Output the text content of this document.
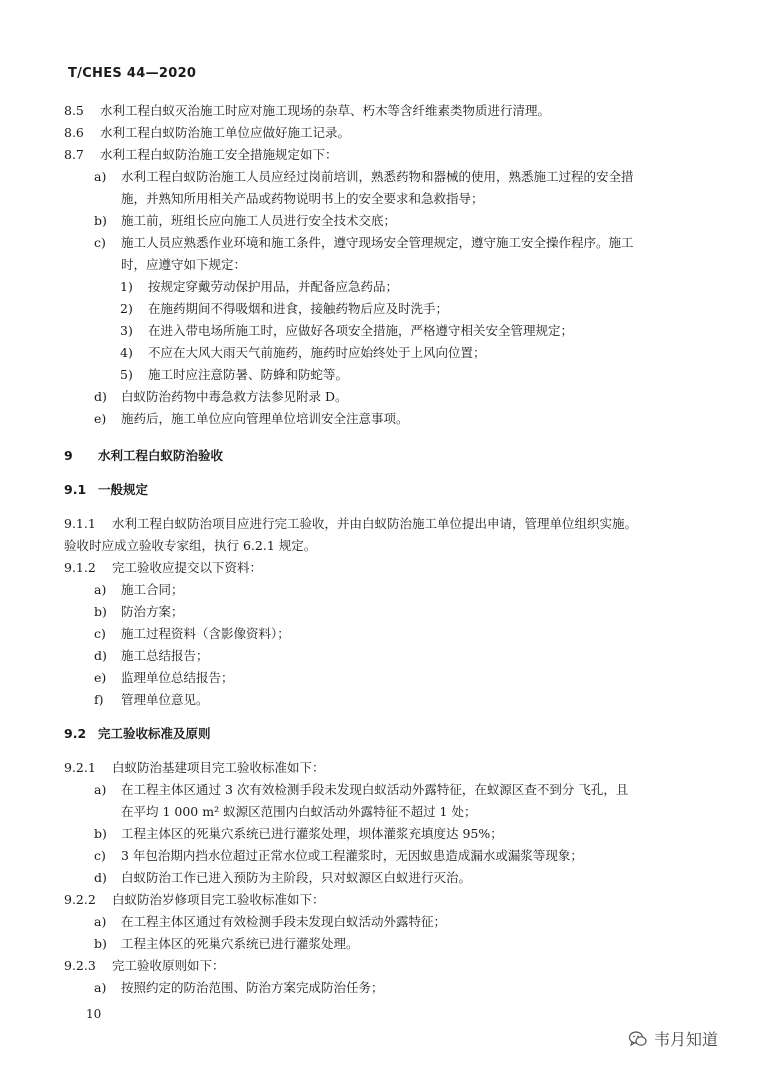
T/CHES 44—2020
8.5 水利工程白蚁灭治施工时应对施工现场的杂草、朽木等含纤维素类物质进行清理。
8.6 水利工程白蚁防治施工单位应做好施工记录。
8.7 水利工程白蚁防治施工安全措施规定如下：
a) 水利工程白蚁防治施工人员应经过岗前培训，熟悉药物和器械的使用，熟悉施工过程的安全措
施，并熟知所用相关产品或药物说明书上的安全要求和急救指导；
b) 施工前，班组长应向施工人员进行安全技术交底；
c) 施工人员应熟悉作业环境和施工条件，遵守现场安全管理规定，遵守施工安全操作程序。施工
时，应遵守如下规定：
1) 按规定穿戴劳动保护用品，并配备应急药品；
2) 在施药期间不得吸烟和进食，接触药物后应及时洗手；
3) 在进入带电场所施工时，应做好各项安全措施，严格遵守相关安全管理规定；
4) 不应在大风大雨天气前施药，施药时应始终处于上风向位置；
5) 施工时应注意防暑、防蜂和防蛇等。
d) 白蚁防治药物中毒急救方法参见附录 D。
e) 施药后，施工单位应向管理单位培训安全注意事项。
9 水利工程白蚁防治验收
9.1 一般规定
9.1.1 水利工程白蚁防治项目应进行完工验收，并由白蚁防治施工单位提出申请，管理单位组织实施。
验收时应成立验收专家组，执行 6.2.1 规定。
9.1.2 完工验收应提交以下资料：
a) 施工合同；
b) 防治方案；
c) 施工过程资料（含影像资料）；
d) 施工总结报告；
e) 监理单位总结报告；
f) 管理单位意见。
9.2 完工验收标准及原则
9.2.1 白蚁防治基建项目完工验收标准如下：
a) 在工程主体区通过 3 次有效检测手段未发现白蚁活动外露特征，在蚁源区查不到分 飞孔，且
在平均 1 000 m² 蚁源区范围内白蚁活动外露特征不超过 1 处；
b) 工程主体区的死巢穴系统已进行灌浆处理，坝体灌浆充填度达 95%；
c) 3 年包治期内挡水位超过正常水位或工程灌浆时，无因蚁患造成漏水或漏浆等现象；
d) 白蚁防治工作已进入预防为主阶段，只对蚁源区白蚁进行灭治。
9.2.2 白蚁防治岁修项目完工验收标准如下：
a) 在工程主体区通过有效检测手段未发现白蚁活动外露特征；
b) 工程主体区的死巢穴系统已进行灌浆处理。
9.2.3 完工验收原则如下：
a) 按照约定的防治范围、防治方案完成防治任务；
10
韦月知道
